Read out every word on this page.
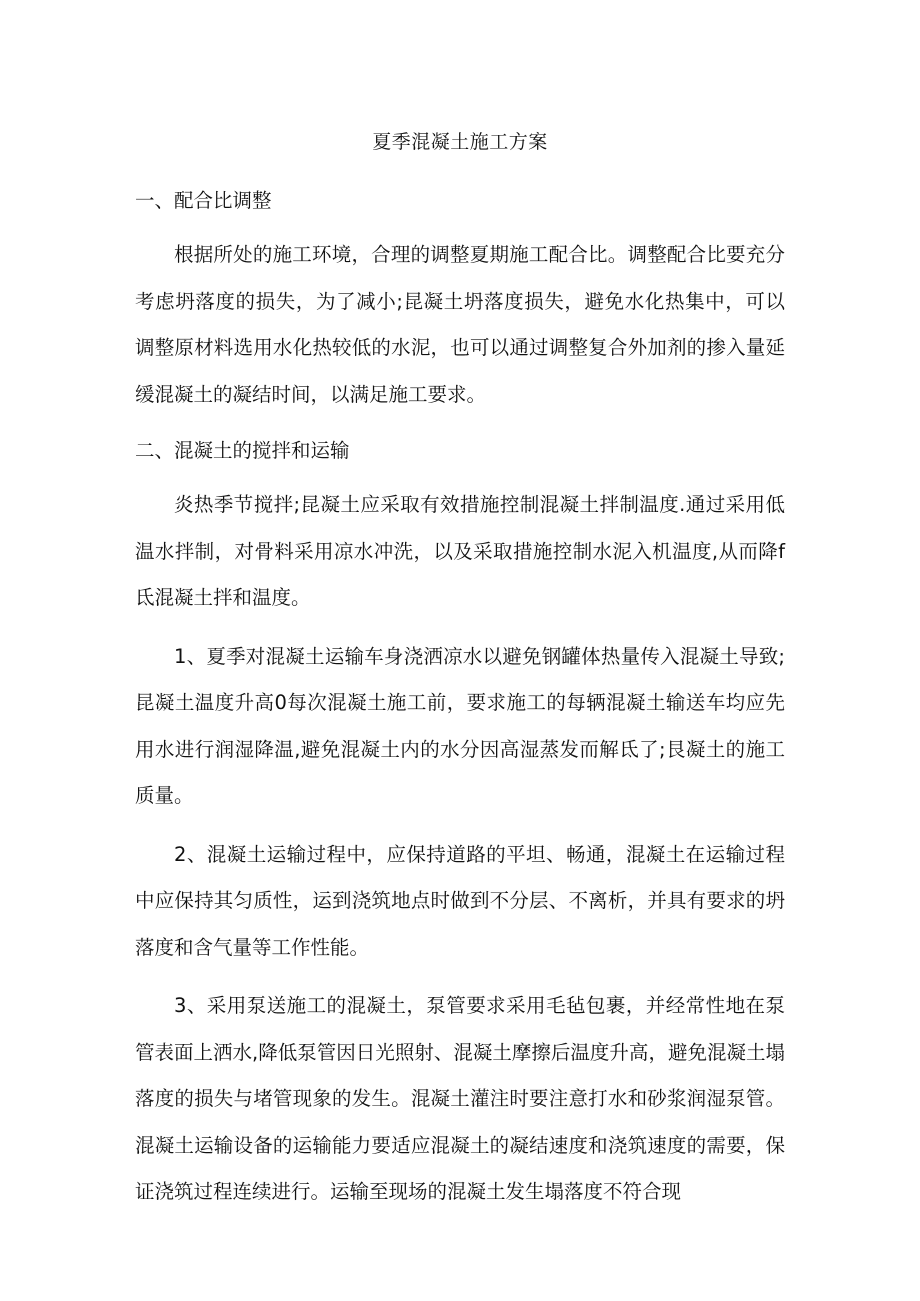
夏季混凝土施工方案

一、配合比调整

根据所处的施工环境，合理的调整夏期施工配合比。调整配合比要充分考虑坍落度的损失，为了减小;昆凝土坍落度损失，避免水化热集中，可以调整原材料选用水化热较低的水泥，也可以通过调整复合外加剂的掺入量延缓混凝土的凝结时间，以满足施工要求。

二、混凝土的搅拌和运输

炎热季节搅拌;昆凝土应采取有效措施控制混凝土拌制温度.通过采用低温水拌制，对骨料采用凉水冲洗，以及采取措施控制水泥入机温度,从而降f氐混凝土拌和温度。

1、夏季对混凝土运输车身浇洒凉水以避免钢罐体热量传入混凝土导致;昆凝土温度升高0每次混凝土施工前，要求施工的每辆混凝土输送车均应先用水进行润湿降温,避免混凝土内的水分因高湿蒸发而解氐了;艮凝土的施工质量。

2、混凝土运输过程中，应保持道路的平坦、畅通，混凝土在运输过程中应保持其匀质性，运到浇筑地点时做到不分层、不离析，并具有要求的坍落度和含气量等工作性能。

3、采用泵送施工的混凝土，泵管要求采用毛毡包裹，并经常性地在泵管表面上洒水,降低泵管因日光照射、混凝土摩擦后温度升高，避免混凝土塌落度的损失与堵管现象的发生。混凝土灌注时要注意打水和砂浆润湿泵管。混凝土运输设备的运输能力要适应混凝土的凝结速度和浇筑速度的需要，保证浇筑过程连续进行。运输至现场的混凝土发生塌落度不符合现
